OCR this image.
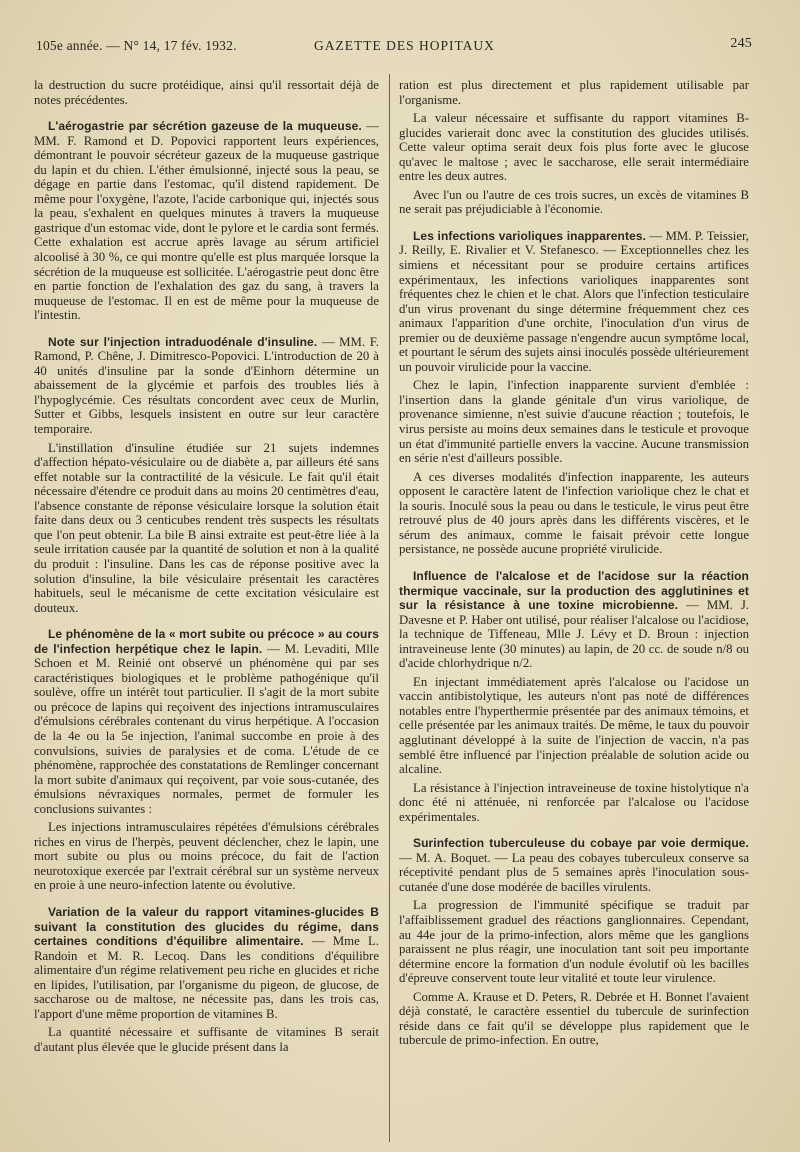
105e année. — N° 14, 17 fév. 1932.	GAZETTE DES HOPITAUX	245

la destruction du sucre protéidique, ainsi qu'il ressortait déjà de notes précédentes.

L'aérogastrie par sécrétion gazeuse de la muqueuse. — MM. F. Ramond et D. Popovici rapportent leurs expériences, démontrant le pouvoir sécréteur gazeux de la muqueuse gastrique du lapin et du chien. L'éther émulsionné, injecté sous la peau, se dégage en partie dans l'estomac, qu'il distend rapidement. De même pour l'oxygène, l'azote, l'acide carbonique qui, injectés sous la peau, s'exhalent en quelques minutes à travers la muqueuse gastrique d'un estomac vide, dont le pylore et le cardia sont fermés. Cette exhalation est accrue après lavage au sérum artificiel alcoolisé à 30 %, ce qui montre qu'elle est plus marquée lorsque la sécrétion de la muqueuse est sollicitée. L'aérogastrie peut donc être en partie fonction de l'exhalation des gaz du sang, à travers la muqueuse de l'estomac. Il en est de même pour la muqueuse de l'intestin.

Note sur l'injection intraduodénale d'insuline. — MM. F. Ramond, P. Chêne, J. Dimitresco-Popovici. L'introduction de 20 à 40 unités d'insuline par la sonde d'Einhorn détermine un abaissement de la glycémie et parfois des troubles liés à l'hypoglycémie. Ces résultats concordent avec ceux de Murlin, Sutter et Gibbs, lesquels insistent en outre sur leur caractère temporaire.

L'instillation d'insuline étudiée sur 21 sujets indemnes d'affection hépato-vésiculaire ou de diabète a, par ailleurs été sans effet notable sur la contractilité de la vésicule. Le fait qu'il était nécessaire d'étendre ce produit dans au moins 20 centimètres d'eau, l'absence constante de réponse vésiculaire lorsque la solution était faite dans deux ou 3 centicubes rendent très suspects les résultats que l'on peut obtenir. La bile B ainsi extraite est peut-être liée à la seule irritation causée par la quantité de solution et non à la qualité du produit : l'insuline. Dans les cas de réponse positive avec la solution d'insuline, la bile vésiculaire présentait les caractères habituels, seul le mécanisme de cette excitation vésiculaire est douteux.

Le phénomène de la « mort subite ou précoce » au cours de l'infection herpétique chez le lapin. — M. Levaditi, Mlle Schoen et M. Reinié ont observé un phénomène qui par ses caractéristiques biologiques et le problème pathogénique qu'il soulève, offre un intérêt tout particulier. Il s'agit de la mort subite ou précoce de lapins qui reçoivent des injections intramusculaires d'émulsions cérébrales contenant du virus herpétique. A l'occasion de la 4e ou la 5e injection, l'animal succombe en proie à des convulsions, suivies de paralysies et de coma. L'étude de ce phénomène, rapprochée des constatations de Remlinger concernant la mort subite d'animaux qui reçoivent, par voie sous-cutanée, des émulsions névraxiques normales, permet de formuler les conclusions suivantes :

Les injections intramusculaires répétées d'émulsions cérébrales riches en virus de l'herpès, peuvent déclencher, chez le lapin, une mort subite ou plus ou moins précoce, du fait de l'action neurotoxique exercée par l'extrait cérébral sur un système nerveux en proie à une neuro-infection latente ou évolutive.

Variation de la valeur du rapport vitamines-glucides B suivant la constitution des glucides du régime, dans certaines conditions d'équilibre alimentaire. — Mme L. Randoin et M. R. Lecoq. Dans les conditions d'équilibre alimentaire d'un régime relativement peu riche en glucides et riche en lipides, l'utilisation, par l'organisme du pigeon, de glucose, de saccharose ou de maltose, ne nécessite pas, dans les trois cas, l'apport d'une même proportion de vitamines B.

La quantité nécessaire et suffisante de vitamines B serait d'autant plus élevée que le glucide présent dans la

ration est plus directement et plus rapidement utilisable par l'organisme.

La valeur nécessaire et suffisante du rapport vitamines B-glucides varierait donc avec la constitution des glucides utilisés. Cette valeur optima serait deux fois plus forte avec le glucose qu'avec le maltose ; avec le saccharose, elle serait intermédiaire entre les deux autres.

Avec l'un ou l'autre de ces trois sucres, un excès de vitamines B ne serait pas préjudiciable à l'économie.

Les infections varioliques inapparentes. — MM. P. Teissier, J. Reilly, E. Rivalier et V. Stefanesco. — Exceptionnelles chez les simiens et nécessitant pour se produire certains artifices expérimentaux, les infections varioliques inapparentes sont fréquentes chez le chien et le chat. Alors que l'infection testiculaire d'un virus provenant du singe détermine fréquemment chez ces animaux l'apparition d'une orchite, l'inoculation d'un virus de premier ou de deuxième passage n'engendre aucun symptôme local, et pourtant le sérum des sujets ainsi inoculés possède ultérieurement un pouvoir virulicide pour la vaccine.

Chez le lapin, l'infection inapparente survient d'emblée : l'insertion dans la glande génitale d'un virus variolique, de provenance simienne, n'est suivie d'aucune réaction ; toutefois, le virus persiste au moins deux semaines dans le testicule et provoque un état d'immunité partielle envers la vaccine. Aucune transmission en série n'est d'ailleurs possible.

A ces diverses modalités d'infection inapparente, les auteurs opposent le caractère latent de l'infection variolique chez le chat et la souris. Inoculé sous la peau ou dans le testicule, le virus peut être retrouvé plus de 40 jours après dans les différents viscères, et le sérum des animaux, comme le faisait prévoir cette longue persistance, ne possède aucune propriété virulicide.

Influence de l'alcalose et de l'acidose sur la réaction thermique vaccinale, sur la production des agglutinines et sur la résistance à une toxine microbienne. — MM. J. Davesne et P. Haber ont utilisé, pour réaliser l'alcalose ou l'acidiose, la technique de Tiffeneau, Mlle J. Lévy et D. Broun : injection intraveineuse lente (30 minutes) au lapin, de 20 cc. de soude n/8 ou d'acide chlorhydrique n/2.

En injectant immédiatement après l'alcalose ou l'acidose un vaccin antibistolytique, les auteurs n'ont pas noté de différences notables entre l'hyperthermie présentée par des animaux témoins, et celle présentée par les animaux traités. De même, le taux du pouvoir agglutinant développé à la suite de l'injection de vaccin, n'a pas semblé être influencé par l'injection préalable de solution acide ou alcaline.

La résistance à l'injection intraveineuse de toxine histolytique n'a donc été ni atténuée, ni renforcée par l'alcalose ou l'acidose expérimentales.

Surinfection tuberculeuse du cobaye par voie dermique. — M. A. Boquet. — La peau des cobayes tuberculeux conserve sa réceptivité pendant plus de 5 semaines après l'inoculation sous-cutanée d'une dose modérée de bacilles virulents.

La progression de l'immunité spécifique se traduit par l'affaiblissement graduel des réactions ganglionnaires. Cependant, au 44e jour de la primo-infection, alors même que les ganglions paraissent ne plus réagir, une inoculation tant soit peu importante détermine encore la formation d'un nodule évolutif où les bacilles d'épreuve conservent toute leur vitalité et toute leur virulence.

Comme A. Krause et D. Peters, R. Debrée et H. Bonnet l'avaient déjà constaté, le caractère essentiel du tubercule de surinfection réside dans ce fait qu'il se développe plus rapidement que le tubercule de primo-infection. En outre,
